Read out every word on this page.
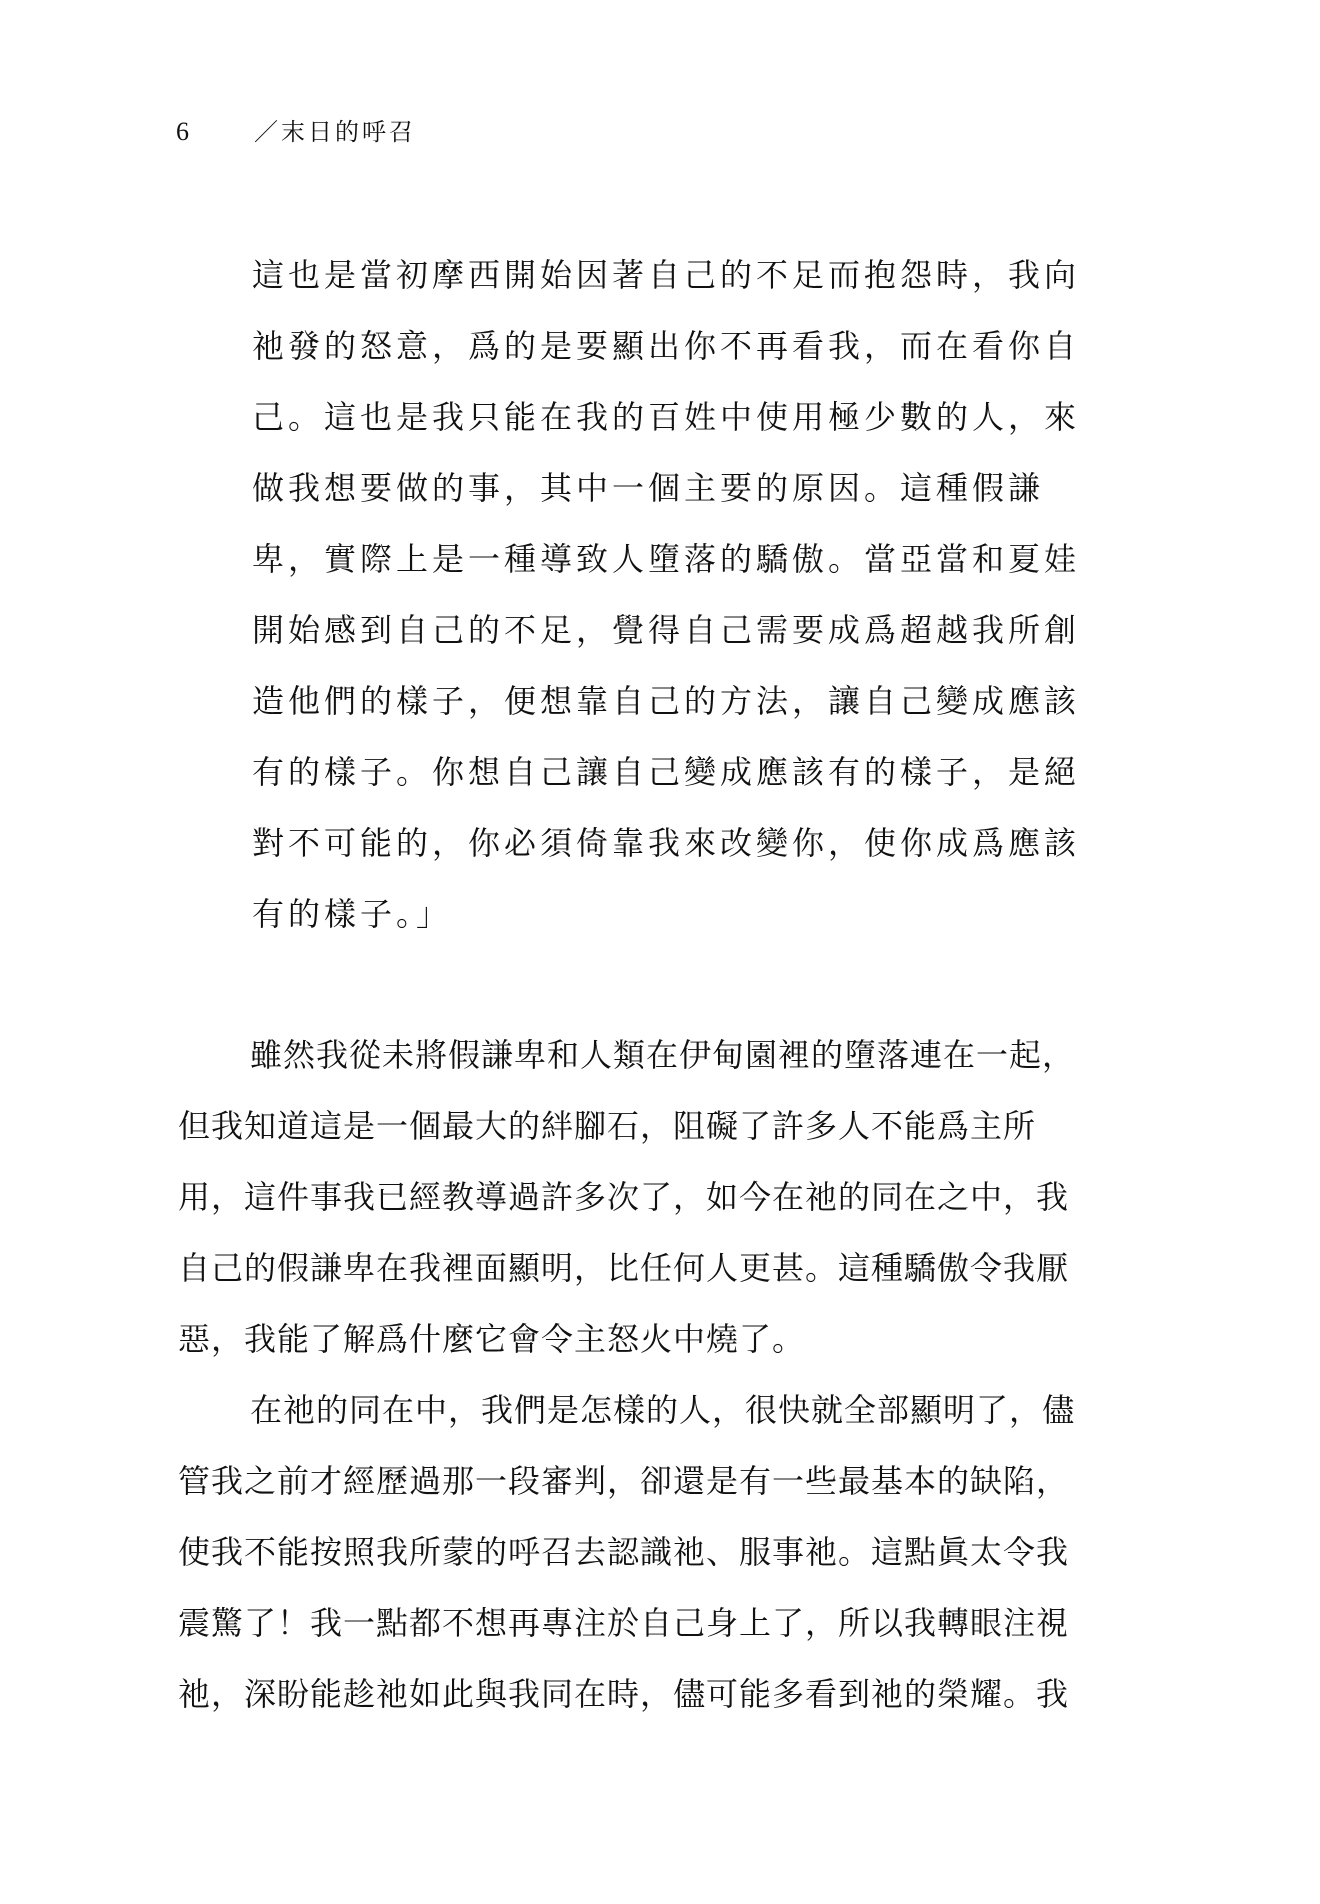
6	／末日的呼召
這也是當初摩西開始因著自己的不足而抱怨時，我向
祂發的怒意，爲的是要顯出你不再看我，而在看你自
己。這也是我只能在我的百姓中使用極少數的人，來
做我想要做的事，其中一個主要的原因。這種假謙
卑，實際上是一種導致人墮落的驕傲。當亞當和夏娃
開始感到自己的不足，覺得自己需要成爲超越我所創
造他們的樣子，便想靠自己的方法，讓自己變成應該
有的樣子。你想自己讓自己變成應該有的樣子，是絕
對不可能的，你必須倚靠我來改變你，使你成爲應該
有的樣子。」
雖然我從未將假謙卑和人類在伊甸園裡的墮落連在一起，
但我知道這是一個最大的絆腳石，阻礙了許多人不能爲主所
用，這件事我已經教導過許多次了，如今在祂的同在之中，我
自己的假謙卑在我裡面顯明，比任何人更甚。這種驕傲令我厭
惡，我能了解爲什麼它會令主怒火中燒了。
在祂的同在中，我們是怎樣的人，很快就全部顯明了，儘
管我之前才經歷過那一段審判，卻還是有一些最基本的缺陷，
使我不能按照我所蒙的呼召去認識祂、服事祂。這點眞太令我
震驚了！我一點都不想再專注於自己身上了，所以我轉眼注視
祂，深盼能趁祂如此與我同在時，儘可能多看到祂的榮耀。我
